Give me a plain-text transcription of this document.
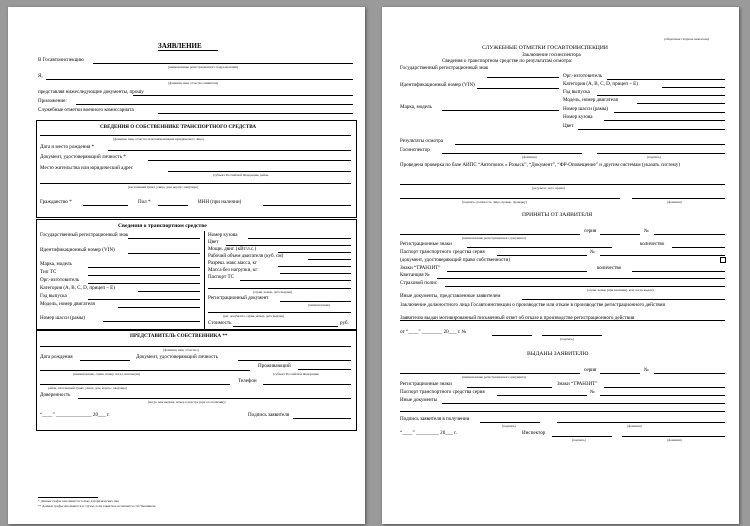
ЗАЯВЛЕНИЕ
В Госавтоинспекцию
(наименование регистрационного подразделения)
Я,
(фамилия, имя, отчество заявителя)
представляя нижеследующие документы, прошу
Приложение:
Служебные отметки военного комиссариата
СВЕДЕНИЯ О СОБСТВЕННИКЕ ТРАНСПОРТНОГО СРЕДСТВА
(фамилия, имя, отчество или наименование юридического лица)
Дата и место рождения *
Документ, удостоверяющий личность *
Место жительства или юридический адрес
(субъект Российской Федерации, район,
(населенный пункт, улица, дом, корпус, квартира)
Гражданство *	Пол *	ИНН (при наличии)
Сведения о транспортном средстве
Государственный регистрационный знак
Идентификационный номер (VIN)
Марка, модель
Тип ТС
Орг.-изготовитель
Категория (A, B, C, D, прицеп – E)
Год выпуска
Модель, номер двигателя
Номер шасси (рамы)
Номер кузова
Цвет
Мощн. двиг. (кВт/л.с.)
Рабочий объем двигателя (куб. см)
Разреш. макс.масса, кг
Масса без нагрузки, кг
Паспорт ТС
(серия, номер, дата выдачи)
Регистрационный документ
(наименование)
(рег. документа, серия, номер, дата выдачи)
Стоимость	руб.
ПРЕДСТАВИТЕЛЬ СОБСТВЕННИКА **
(фамилия, имя, отчество)
Дата рождения	Документ, удостоверяющий личность
Проживающий
(наименование, серия, номер, когда, кем выдан)	(субъект Российской Федерации,
Телефон
район, населенный пункт, улица, дом, корпус, квартира)
Доверенность
(когда, кем выдана, номер в реестре (при его наличии))
“____” ______________ 20___ г.	Подпись заявителя
* Данные графы заполняются только для физических лиц
** Данные графы заполняются в случае, если заявитель не является собственником
(оборотная сторона заявления)
СЛУЖЕБНЫЕ ОТМЕТКИ ГОСАВТОИНСПЕКЦИИ
Заключение госинспектора
Сведения о транспортном средстве по результатам осмотра:
Государственный регистрационный знак
Идентификационный номер (VIN)
Марка, модель
Орг.-изготовитель
Категория (A, B, C, D, прицеп – E)
Год выпуска
Модель, номер двигателя
Номер шасси (рамы)
Номер кузова
Цвет
Результаты осмотра
Госинспектор
(фамилия)	(подпись)
Проведена проверка по базе АИПС “Автопоиск » Розыск”, “Документ”, “ФР-Оповещение” и другим системам (указать систему)
(результат, дата, время)
(подпись, должность, лицо, провер. проверку)	(фамилия)
ПРИНЯТЫ ОТ ЗАЯВИТЕЛЯ
серия	№
(наименование регистрационного документа)
Регистрационные знаки	количество
Паспорт транспортного средства серия	№
(документ, удостоверяющий право собственности)
Знаки “ТРАНЗИТ”	количество
Квитанция №
Страховой полис
(серия, номер (при наличии), кем, когда выдан)
Иные документы, представленные заявителем
Заключение должностного лица Госавтоинспекции о производстве или отказе в производстве регистрационного действия
Заявителю выдан мотивированный письменный ответ об отказе в производстве регистрационного действия
от “____” ________ 20___ г. №
(подпись)
ВЫДАНЫ ЗАЯВИТЕЛЮ
серия	№
(наименование регистрационного документа)
Регистрационные знаки	Знаки “ТРАНЗИТ”
Паспорт транспортного средства серия	№
Иные документы
Подпись заявителя в получении
(подпись)	(фамилия)
“____” _________ 20___ г.	Инспектор
(подпись)	(фамилия)
